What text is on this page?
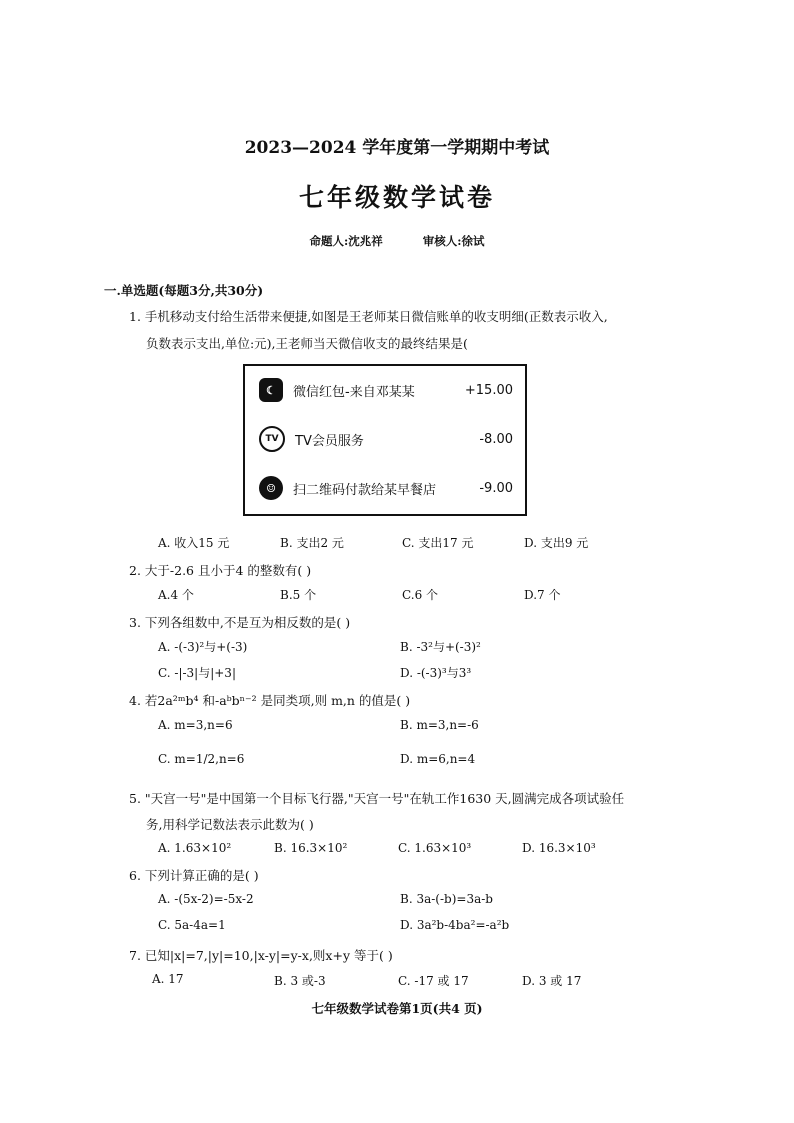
2023—2024 学年度第一学期期中考试
七年级数学试卷
命题人:沈兆祥	审核人:徐试
一.单选题(每题3分,共30分)
1. 手机移动支付给生活带来便捷,如图是王老师某日微信账单的收支明细(正数表示收入,
负数表示支出,单位:元),王老师当天微信收支的最终结果是(
☾	微信红包-来自邓某某	+15.00
TV	TV会员服务	-8.00
☺	扫二维码付款给某早餐店	-9.00
A. 收入15 元	B. 支出2 元	C. 支出17 元	D. 支出9 元
2. 大于-2.6 且小于4 的整数有( )
A.4 个	B.5 个	C.6 个	D.7 个
3. 下列各组数中,不是互为相反数的是( )
A. -(-3)²与+(-3)	B. -3²与+(-3)²
C. -|-3|与|+3|	D. -(-3)³与3³
4. 若2a²ᵐb⁴ 和-aᵇbⁿ⁻² 是同类项,则 m,n 的值是( )
A. m=3,n=6	B. m=3,n=-6
C. m=1/2,n=6	D. m=6,n=4
5. "天宫一号"是中国第一个目标飞行器,"天宫一号"在轨工作1630 天,圆满完成各项试验任
务,用科学记数法表示此数为( )
A. 1.63×10²	B. 16.3×10²	C. 1.63×10³	D. 16.3×10³
6. 下列计算正确的是( )
A. -(5x-2)=-5x-2	B. 3a-(-b)=3a-b
C. 5a-4a=1	D. 3a²b-4ba²=-a²b
7. 已知|x|=7,|y|=10,|x-y|=y-x,则x+y 等于( )
A. 17	B. 3 或-3	C. -17 或 17	D. 3 或 17
七年级数学试卷第1页(共4 页)
